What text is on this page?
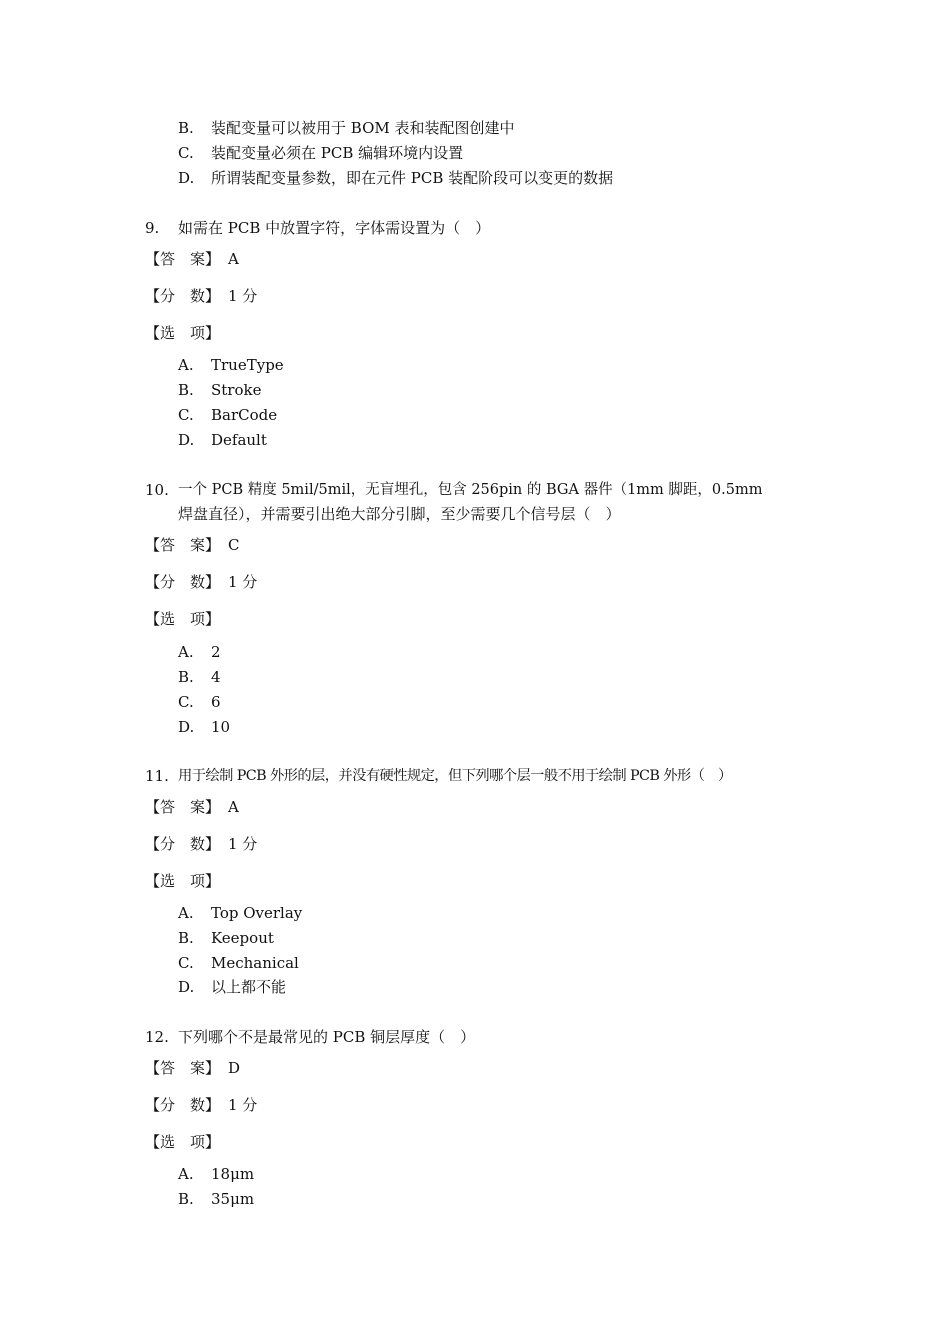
B. 装配变量可以被用于 BOM 表和装配图创建中
C. 装配变量必须在 PCB 编辑环境内设置
D. 所谓装配变量参数，即在元件 PCB 装配阶段可以变更的数据
9. 如需在 PCB 中放置字符，字体需设置为（　）
【答　案】 A
【分　数】 1 分
【选　项】
A. TrueType
B. Stroke
C. BarCode
D. Default
10. 一个 PCB 精度 5mil/5mil，无盲埋孔，包含 256pin 的 BGA 器件（1mm 脚距，0.5mm
焊盘直径），并需要引出绝大部分引脚，至少需要几个信号层（　）
【答　案】 C
【分　数】 1 分
【选　项】
A. 2
B. 4
C. 6
D. 10
11. 用于绘制 PCB 外形的层，并没有硬性规定，但下列哪个层一般不用于绘制 PCB 外形（　）
【答　案】 A
【分　数】 1 分
【选　项】
A. Top Overlay
B. Keepout
C. Mechanical
D. 以上都不能
12. 下列哪个不是最常见的 PCB 铜层厚度（　）
【答　案】 D
【分　数】 1 分
【选　项】
A. 18μm
B. 35μm
